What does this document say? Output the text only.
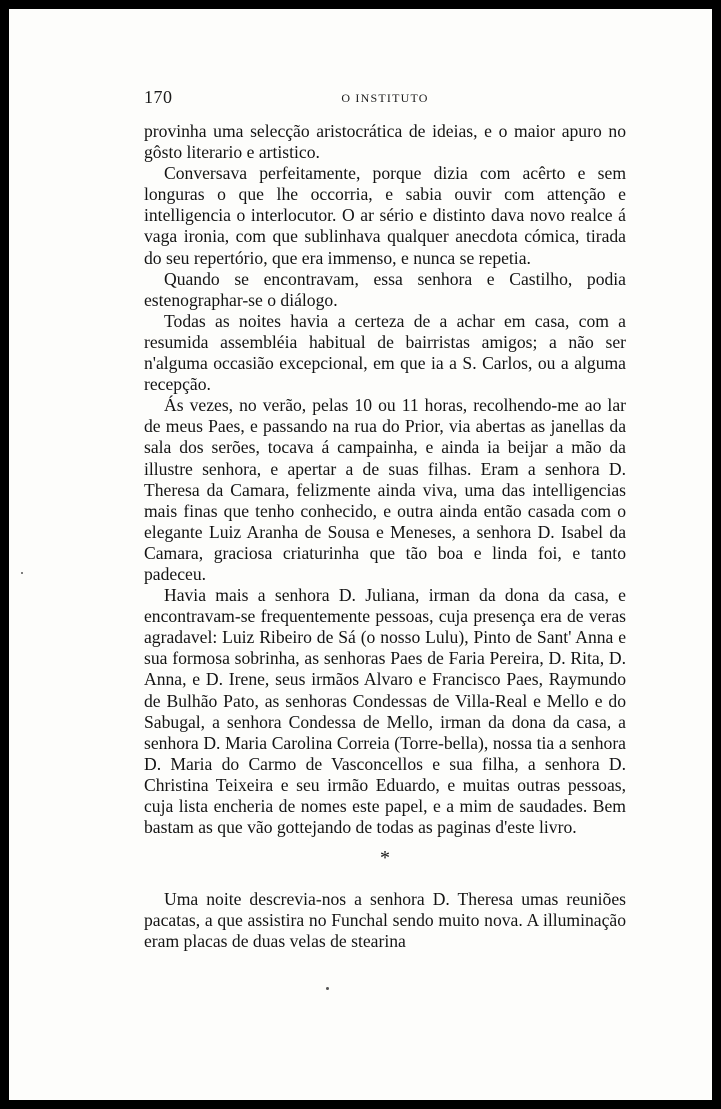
170	O INSTITUTO

provinha uma selecção aristocrática de ideias, e o maior apuro no gôsto literario e artistico.

Conversava perfeitamente, porque dizia com acêrto e sem longuras o que lhe occorria, e sabia ouvir com attenção e intelligencia o interlocutor. O ar sério e distinto dava novo realce á vaga ironia, com que sublinhava qualquer anecdota cómica, tirada do seu repertório, que era immenso, e nunca se repetia.

Quando se encontravam, essa senhora e Castilho, podia estenographar-se o diálogo.

Todas as noites havia a certeza de a achar em casa, com a resumida assembléia habitual de bairristas amigos; a não ser n'alguma occasião excepcional, em que ia a S. Carlos, ou a alguma recepção.

Ás vezes, no verão, pelas 10 ou 11 horas, recolhendo-me ao lar de meus Paes, e passando na rua do Prior, via abertas as janellas da sala dos serões, tocava á campainha, e ainda ia beijar a mão da illustre senhora, e apertar a de suas filhas. Eram a senhora D. Theresa da Camara, felizmente ainda viva, uma das intelligencias mais finas que tenho conhecido, e outra ainda então casada com o elegante Luiz Aranha de Sousa e Meneses, a senhora D. Isabel da Camara, graciosa criaturinha que tão boa e linda foi, e tanto padeceu.

Havia mais a senhora D. Juliana, irman da dona da casa, e encontravam-se frequentemente pessoas, cuja presença era de veras agradavel: Luiz Ribeiro de Sá (o nosso Lulu), Pinto de Sant' Anna e sua formosa sobrinha, as senhoras Paes de Faria Pereira, D. Rita, D. Anna, e D. Irene, seus irmãos Alvaro e Francisco Paes, Raymundo de Bulhão Pato, as senhoras Condessas de Villa-Real e Mello e do Sabugal, a senhora Condessa de Mello, irman da dona da casa, a senhora D. Maria Carolina Correia (Torre-bella), nossa tia a senhora D. Maria do Carmo de Vasconcellos e sua filha, a senhora D. Christina Teixeira e seu irmão Eduardo, e muitas outras pessoas, cuja lista encheria de nomes este papel, e a mim de saudades. Bem bastam as que vão gottejando de todas as paginas d'este livro.

*

Uma noite descrevia-nos a senhora D. Theresa umas reuniões pacatas, a que assistira no Funchal sendo muito nova. A illuminação eram placas de duas velas de stearina
